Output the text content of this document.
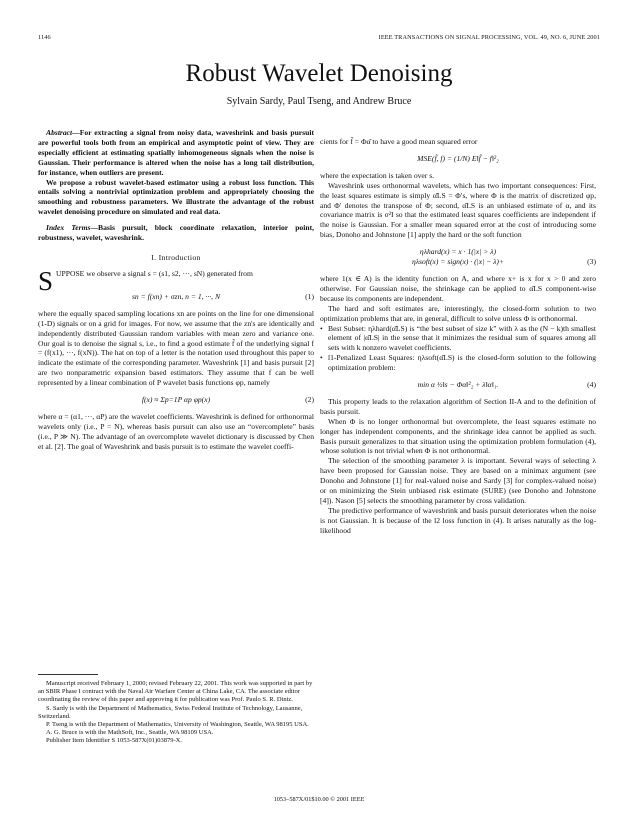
1146	IEEE TRANSACTIONS ON SIGNAL PROCESSING, VOL. 49, NO. 6, JUNE 2001
Robust Wavelet Denoising
Sylvain Sardy, Paul Tseng, and Andrew Bruce

Abstract—For extracting a signal from noisy data, waveshrink and basis pursuit are powerful tools both from an empirical and asymptotic point of view. They are especially efficient at estimating spatially inhomogeneous signals when the noise is Gaussian. Their performance is altered when the noise has a long tail distribution, for instance, when outliers are present.

We propose a robust wavelet-based estimator using a robust loss function. This entails solving a nontrivial optimization problem and appropriately choosing the smoothing and robustness parameters. We illustrate the advantage of the robust wavelet denoising procedure on simulated and real data.

Index Terms—Basis pursuit, block coordinate relaxation, interior point, robustness, wavelet, waveshrink.

I. Introduction

SUPPOSE we observe a signal s = (s1, s2, ···, sN) generated from

sn = f(xn) + σzn, n = 1, ···, N	(1)

where the equally spaced sampling locations xn are points on the line for one dimensional (1-D) signals or on a grid for images. For now, we assume that the zn's are identically and independently distributed Gaussian random variables with mean zero and variance one. Our goal is to denoise the signal s, i.e., to find a good estimate f̂ of the underlying signal f = (f(x1), ···, f(xN)). The hat on top of a letter is the notation used throughout this paper to indicate the estimate of the corresponding parameter. Waveshrink [1] and basis pursuit [2] are two nonparametric expansion based estimators. They assume that f can be well represented by a linear combination of P wavelet basis functions φp, namely

f(x) ≈ Σp=1P αp φp(x)	(2)

where α = (α1, ···, αP) are the wavelet coefficients. Waveshrink is defined for orthonormal wavelets only (i.e., P = N), whereas basis pursuit can also use an “overcomplete” basis (i.e., P ≫ N). The advantage of an overcomplete wavelet dictionary is discussed by Chen et al. [2]. The goal of Waveshrink and basis pursuit is to estimate the wavelet coeffi-

Manuscript received February 1, 2000; revised February 22, 2001. This work was supported in part by an SBIR Phase I contract with the Naval Air Warfare Center at China Lake, CA. The associate editor coordinating the review of this paper and approving it for publication was Prof. Paulo S. R. Diniz.

S. Sardy is with the Department of Mathematics, Swiss Federal Institute of Technology, Lausanne, Switzerland.

P. Tseng is with the Department of Mathematics, University of Washington, Seattle, WA 98195 USA.

A. G. Bruce is with the MathSoft, Inc., Seattle, WA 98109 USA.

Publisher Item Identifier S 1053-587X(01)03879-X.

cients for f̂ = Φα̂ to have a good mean squared error

MSE(f̂, f) = (1/N) E‖f̂ − f‖²₂

where the expectation is taken over s.

Waveshrink uses orthonormal wavelets, which has two important consequences: First, the least squares estimate is simply α̂LS = Φ′s, where Φ is the matrix of discretized φp, and Φ′ denotes the transpose of Φ; second, α̂LS is an unbiased estimate of α, and its covariance matrix is σ²I so that the estimated least squares coefficients are independent if the noise is Gaussian. For a smaller mean squared error at the cost of introducing some bias, Donoho and Johnstone [1] apply the hard or the soft function

ηλhard(x) = x · 1(|x| > λ)
ηλsoft(x) = sign(x) · (|x| − λ)+	(3)

where 1(x ∈ A) is the identity function on A, and where x+ is x for x > 0 and zero otherwise. For Gaussian noise, the shrinkage can be applied to α̂LS component-wise because its components are independent.

The hard and soft estimates are, interestingly, the closed-form solution to two optimization problems that are, in general, difficult to solve unless Φ is orthonormal.

• Best Subset: ηλhard(α̂LS) is “the best subset of size k” with λ as the (N − k)th smallest element of |α̂LS| in the sense that it minimizes the residual sum of squares among all sets with k nonzero wavelet coefficients.

• l1-Penalized Least Squares: ηλsoft(α̂LS) is the closed-form solution to the following optimization problem:

min α ½‖s − Φα‖²₂ + λ‖α‖₁.	(4)

This property leads to the relaxation algorithm of Section II-A and to the definition of basis pursuit.

When Φ is no longer orthonormal but overcomplete, the least squares estimate no longer has independent components, and the shrinkage idea cannot be applied as such. Basis pursuit generalizes to that situation using the optimization problem formulation (4), whose solution is not trivial when Φ is not orthonormal.

The selection of the smoothing parameter λ is important. Several ways of selecting λ have been proposed for Gaussian noise. They are based on a minimax argument (see Donoho and Johnstone [1] for real-valued noise and Sardy [3] for complex-valued noise) or on minimizing the Stein unbiased risk estimate (SURE) (see Donoho and Johnstone [4]). Nason [5] selects the smoothing parameter by cross validation.

The predictive performance of waveshrink and basis pursuit deteriorates when the noise is not Gaussian. It is because of the l2 loss function in (4). It arises naturally as the log-likelihood

1053–587X/01$10.00 © 2001 IEEE
